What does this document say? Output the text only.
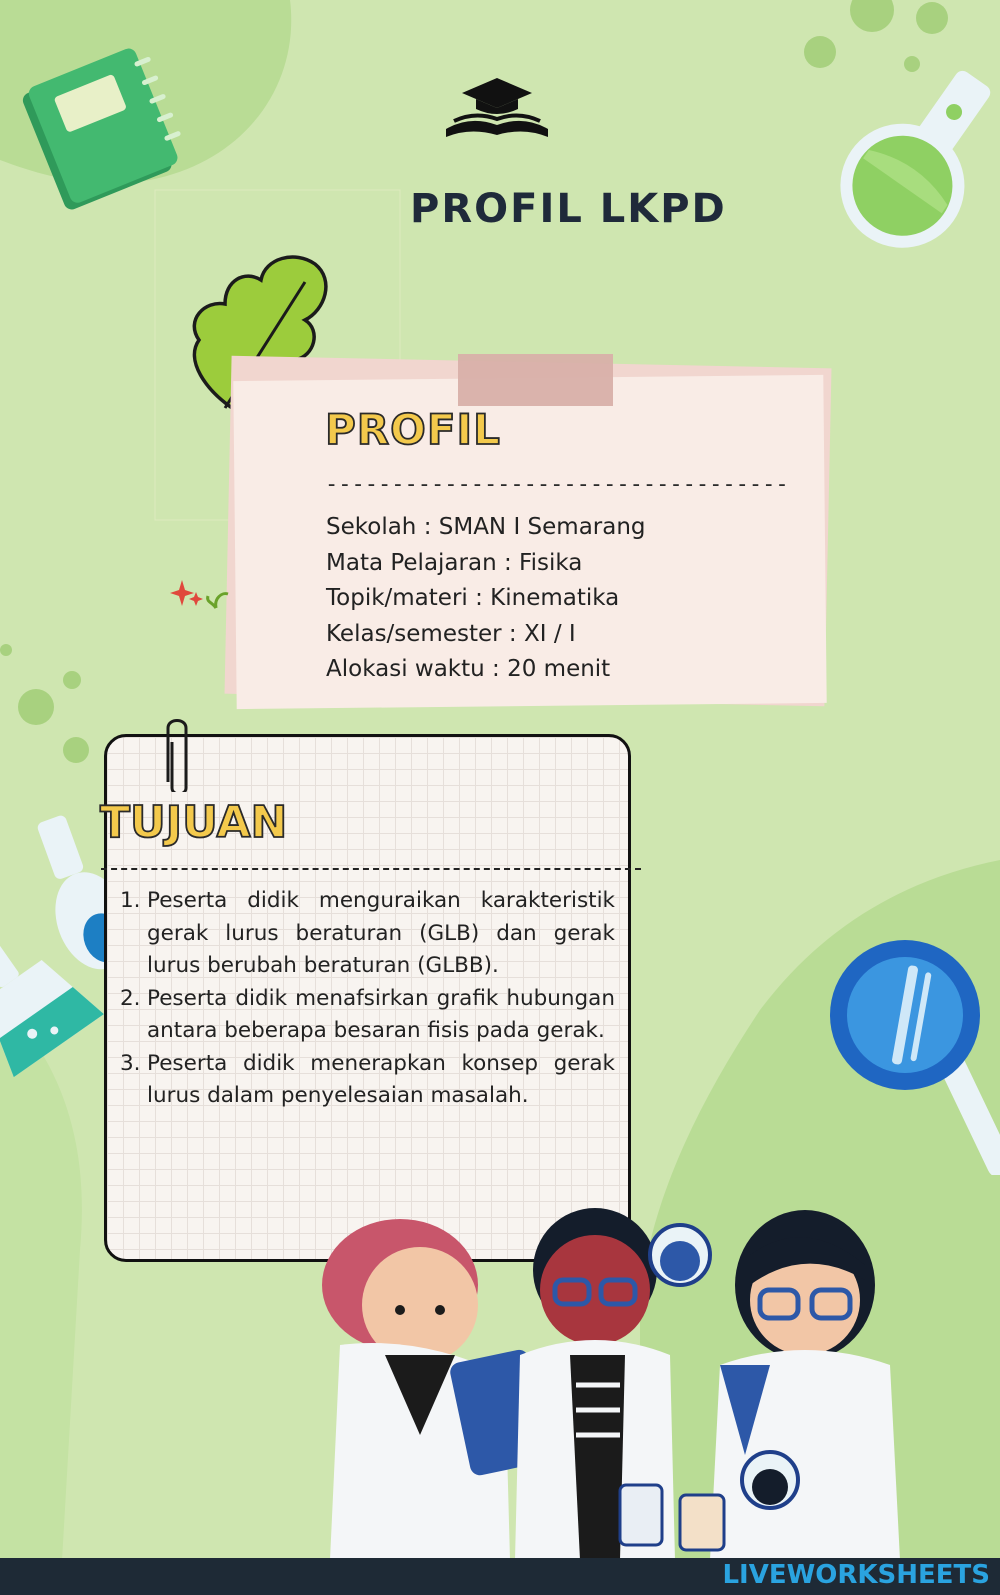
PROFIL LKPD
PROFIL
-----------------------------------
Sekolah : SMAN I Semarang
Mata Pelajaran : Fisika
Topik/materi : Kinematika
Kelas/semester : XI / I
Alokasi waktu : 20 menit
TUJUAN
1. Peserta didik menguraikan karakteristik gerak lurus beraturan (GLB) dan gerak lurus berubah beraturan (GLBB).
2. Peserta didik menafsirkan grafik hubungan antara beberapa besaran fisis pada gerak.
3. Peserta didik menerapkan konsep gerak lurus dalam penyelesaian masalah.
LIVEWORKSHEETS
